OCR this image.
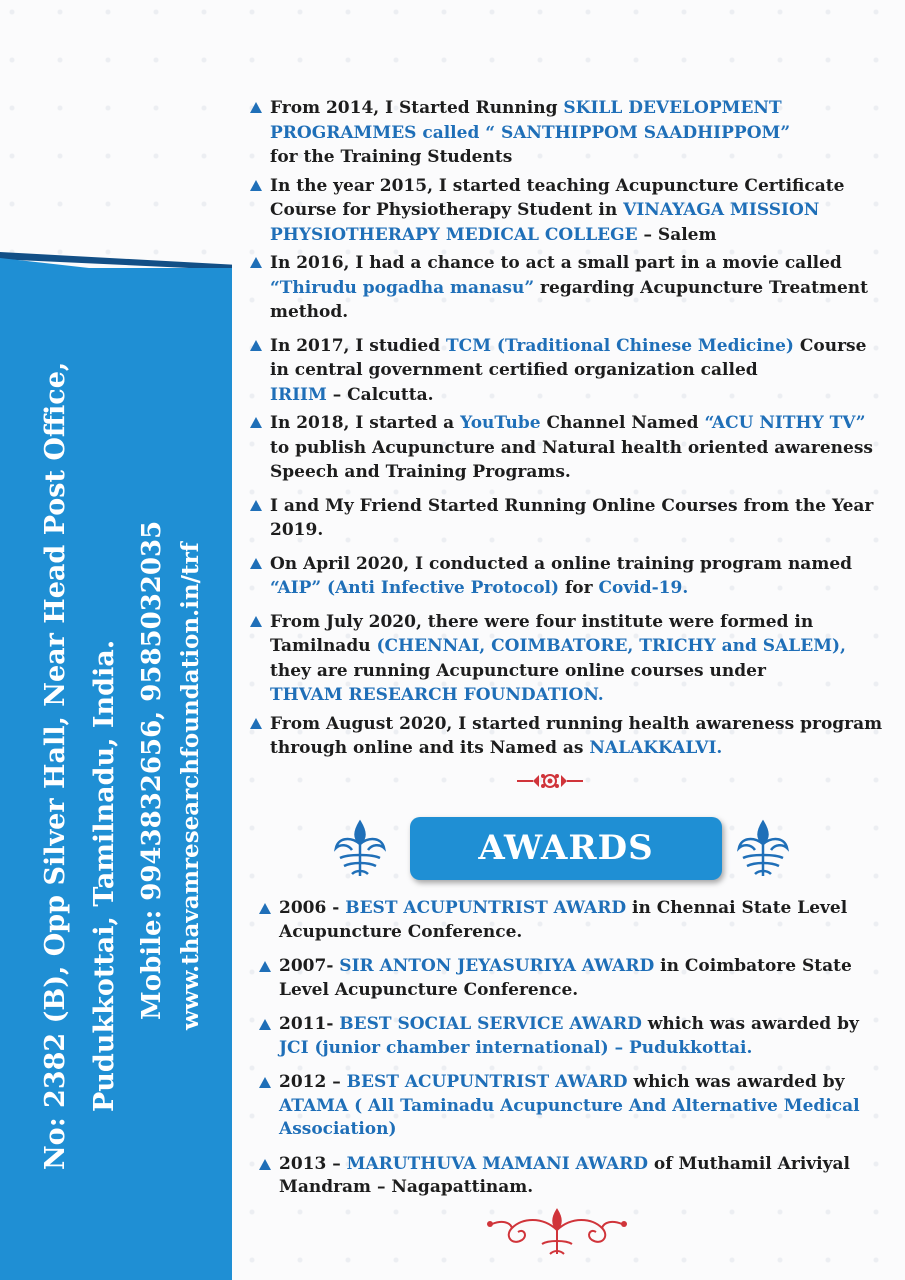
No: 2382 (B), Opp Silver Hall, Near Head Post Office, Pudukkottai, Tamilnadu, India. Mobile: 9943832656, 9585032035 www.thavamresearchfoundation.in/trf
From 2014, I Started Running SKILL DEVELOPMENT PROGRAMMES called “ SANTHIPPOM SAADHIPPOM”
for the Training Students
In the year 2015, I started teaching Acupuncture Certificate Course for Physiotherapy Student in VINAYAGA MISSION PHYSIOTHERAPY MEDICAL COLLEGE – Salem
In 2016, I had a chance to act a small part in a movie called “Thirudu pogadha manasu” regarding Acupuncture Treatment method.
In 2017, I studied TCM (Traditional Chinese Medicine) Course in central government certified organization called
IRIIM – Calcutta.
In 2018, I started a YouTube Channel Named “ACU NITHY TV” to publish Acupuncture and Natural health oriented awareness Speech and Training Programs.
I and My Friend Started Running Online Courses from the Year 2019.
On April 2020, I conducted a online training program named
“AIP” (Anti Infective Protocol) for Covid-19.
From July 2020, there were four institute were formed in Tamilnadu (CHENNAI, COIMBATORE, TRICHY and SALEM), they are running Acupuncture online courses under
THVAM RESEARCH FOUNDATION.
From August 2020, I started running health awareness program through online and its Named as NALAKKALVI.
AWARDS
2006 - BEST ACUPUNTRIST AWARD in Chennai State Level Acupuncture Conference.
2007- SIR ANTON JEYASURIYA AWARD in Coimbatore State Level Acupuncture Conference.
2011- BEST SOCIAL SERVICE AWARD which was awarded by
JCI (junior chamber international) – Pudukkottai.
2012 – BEST ACUPUNTRIST AWARD which was awarded by
ATAMA ( All Taminadu Acupuncture And Alternative Medical Association)
2013 – MARUTHUVA MAMANI AWARD of Muthamil Ariviyal Mandram – Nagapattinam.
